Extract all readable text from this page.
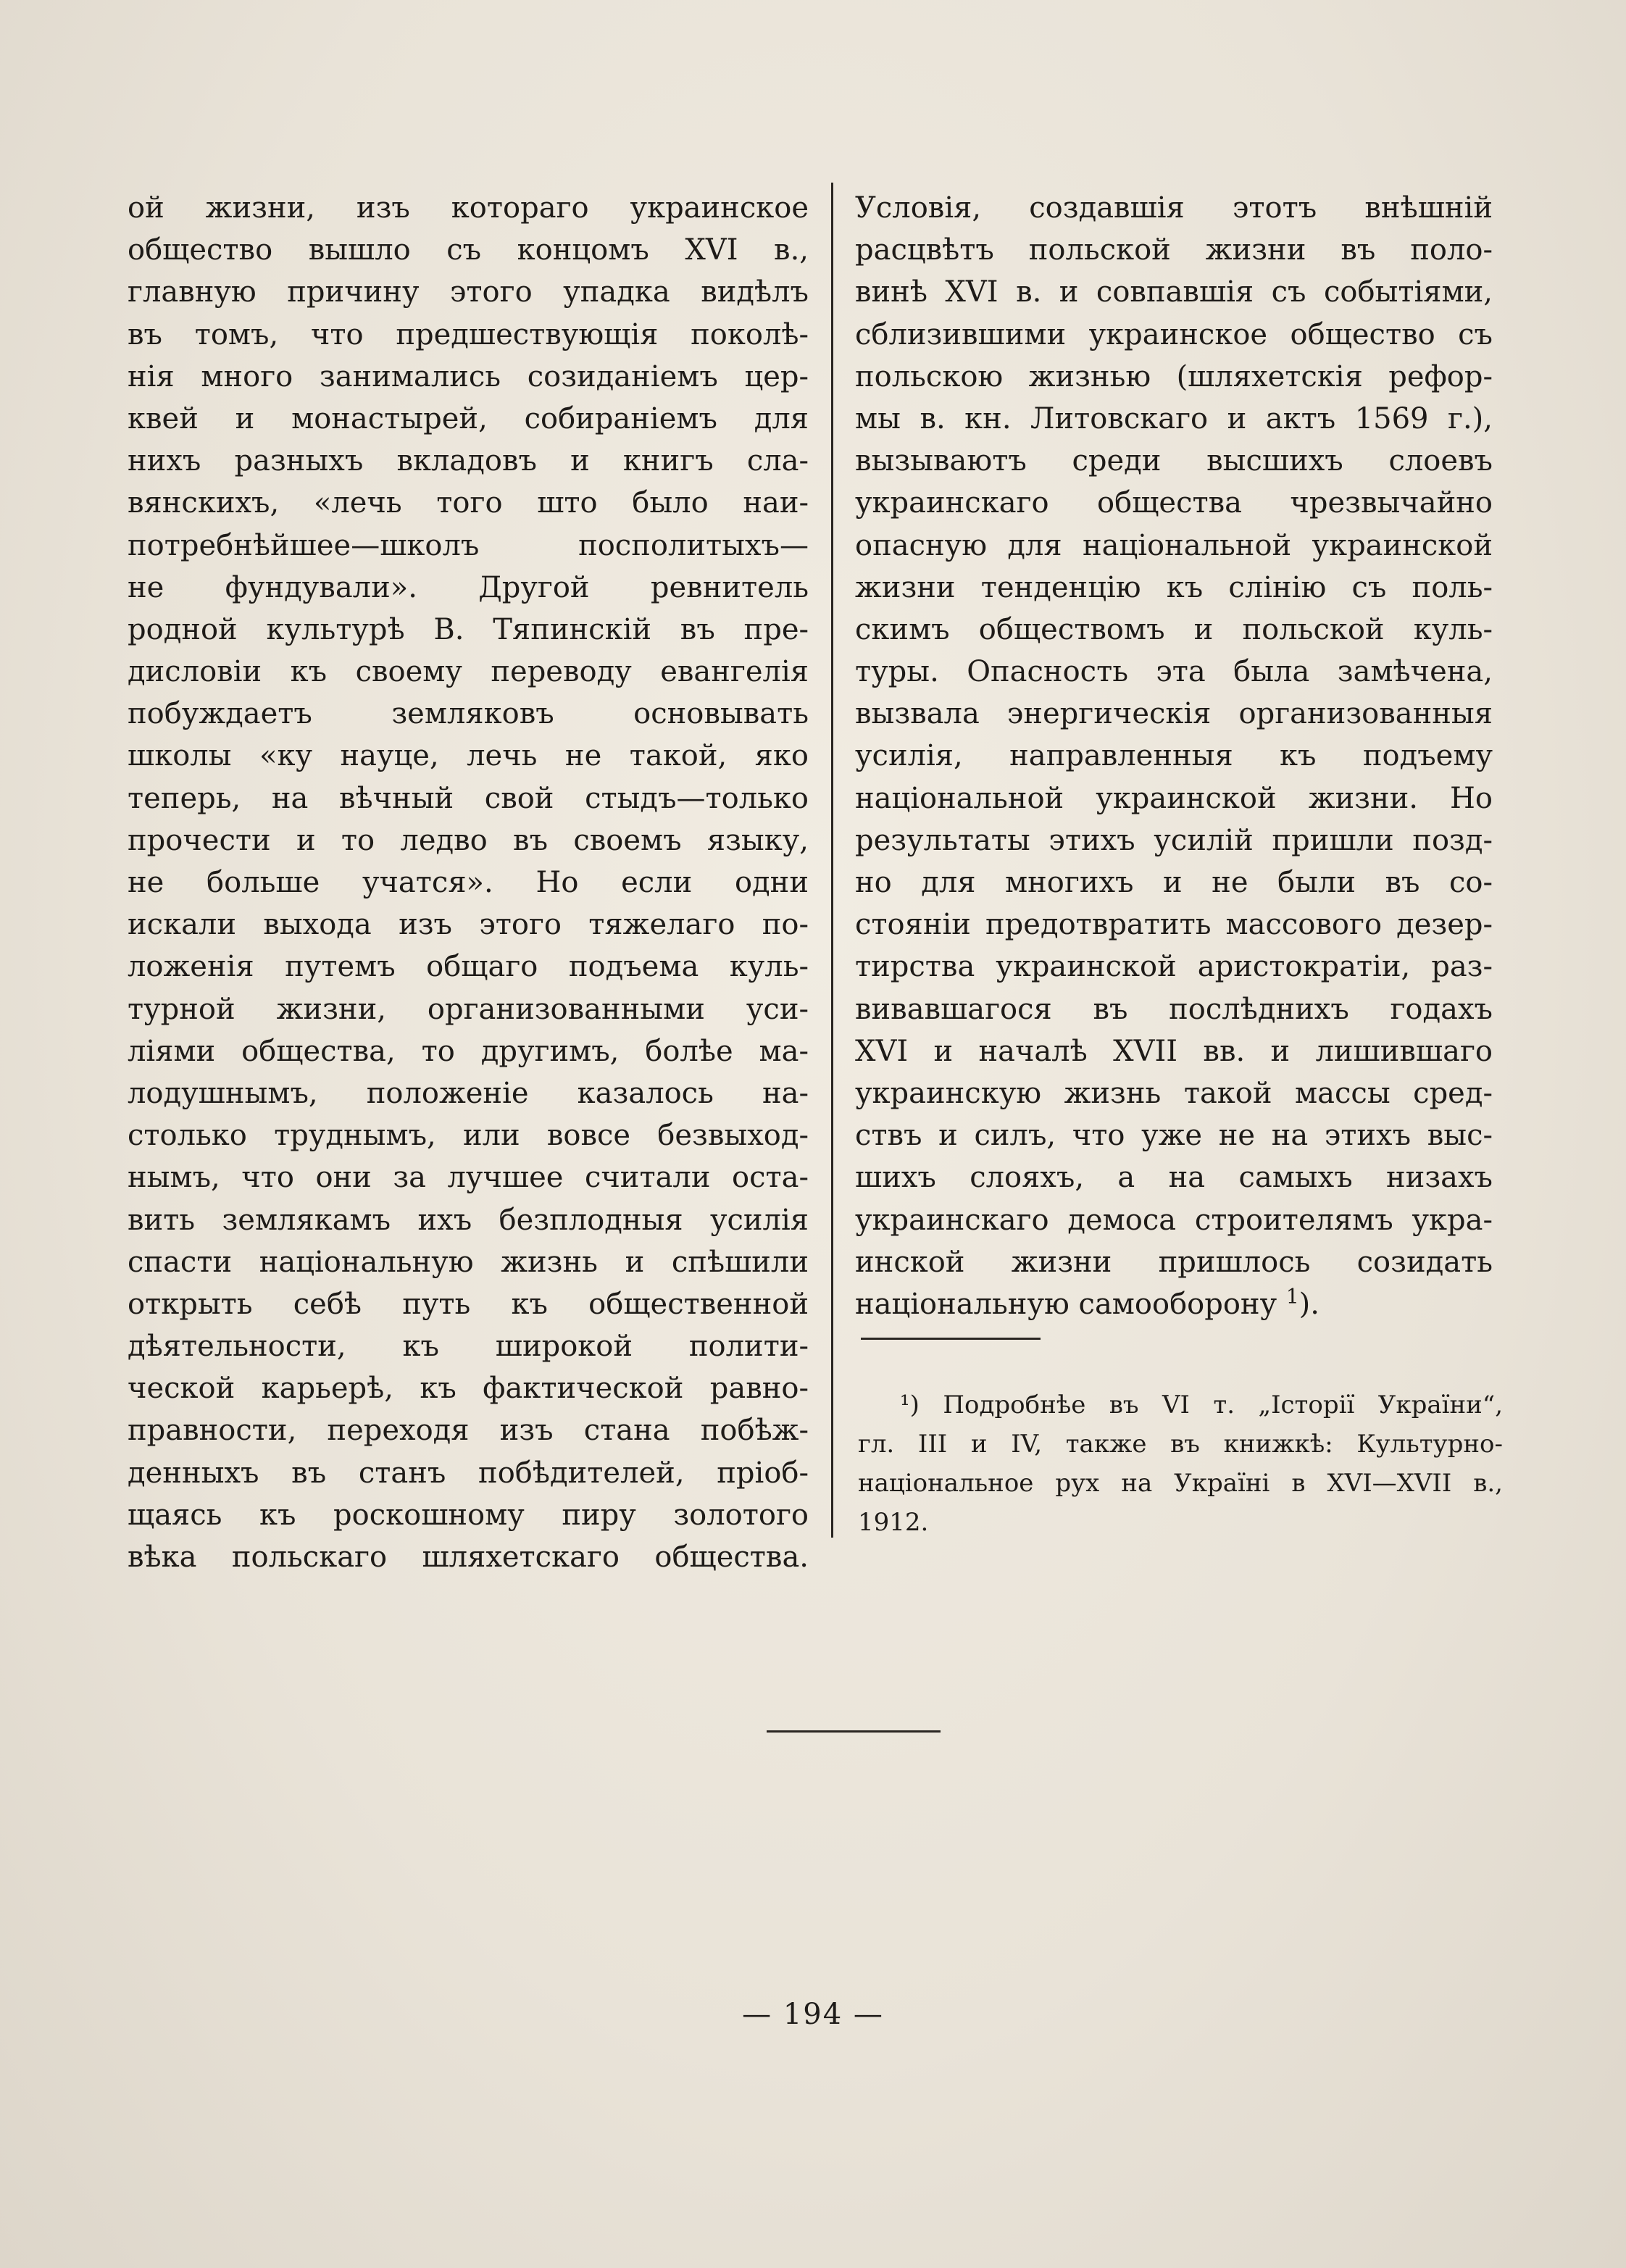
ой жизни, изъ котораго украинское
общество вышло съ концомъ XVI в.,
главную причину этого упадка видѣлъ
въ томъ, что предшествующія поколѣ-
нія много занимались созиданіемъ цер-
квей и монастырей, собираніемъ для
нихъ разныхъ вкладовъ и книгъ сла-
вянскихъ, «лечь того што было наи-
потребнѣйшее—школъ посполитыхъ—
не фундували». Другой ревнитель
родной культурѣ В. Тяпинскій въ пре-
дисловіи къ своему переводу евангелія
побуждаетъ земляковъ основывать
школы «ку науце, лечь не такой, яко
теперь, на вѣчный свой стыдъ—только
прочести и то ледво въ своемъ языку,
не больше учатся». Но если одни
искали выхода изъ этого тяжелаго по-
ложенія путемъ общаго подъема куль-
турной жизни, организованными уси-
ліями общества, то другимъ, болѣе ма-
лодушнымъ, положеніе казалось на-
столько труднымъ, или вовсе безвыход-
нымъ, что они за лучшее считали оста-
вить землякамъ ихъ безплодныя усилія
спасти національную жизнь и спѣшили
открыть себѣ путь къ общественной
дѣятельности, къ широкой полити-
ческой карьерѣ, къ фактической равно-
правности, переходя изъ стана побѣж-
денныхъ въ станъ побѣдителей, пріоб-
щаясь къ роскошному пиру золотого
вѣка польскаго шляхетскаго общества.
Условія, создавшія этотъ внѣшній
расцвѣтъ польской жизни въ поло-
винѣ XVI в. и совпавшія съ событіями,
сблизившими украинское общество съ
польскою жизнью (шляхетскія рефор-
мы в. кн. Литовскаго и актъ 1569 г.),
вызываютъ среди высшихъ слоевъ
украинскаго общества чрезвычайно
опасную для національной украинской
жизни тенденцію къ слінію съ поль-
скимъ обществомъ и польской куль-
туры. Опасность эта была замѣчена,
вызвала энергическія организованныя
усилія, направленныя къ подъему
національной украинской жизни. Но
результаты этихъ усилій пришли позд-
но для многихъ и не были въ со-
стояніи предотвратить массового дезер-
тирства украинской аристократіи, раз-
вивавшагося въ послѣднихъ годахъ
XVI и началѣ XVII вв. и лишившаго
украинскую жизнь такой массы сред-
ствъ и силъ, что уже не на этихъ выс-
шихъ слояхъ, а на самыхъ низахъ
украинскаго демоса строителямъ укра-
инской жизни пришлось созидать
національную самооборону $^1$).
¹) Подробнѣе въ VI т. „Історії України“,
гл. III и IV, также въ книжкѣ: Культурно-
національное рух на Україні в XVI—XVII в.,
1912.
— 194 —
